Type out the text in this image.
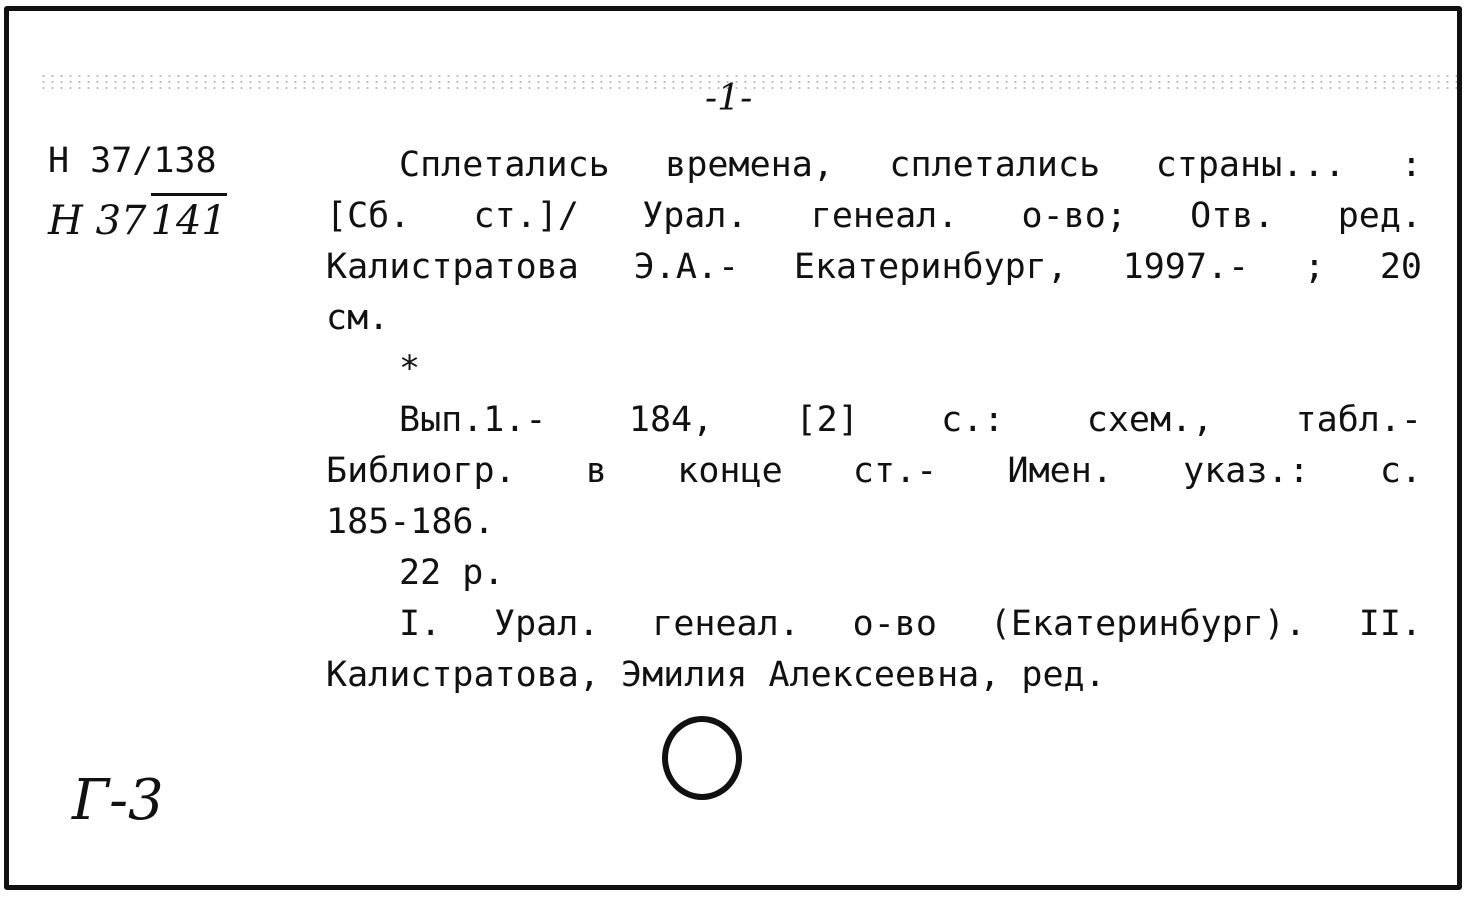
-1-
Н 37/138
Н 37 141
Сплетались времена, сплетались страны... :
[Сб. ст.]/ Урал. генеал. о-во; Отв. ред.
Калистратова Э.А.- Екатеринбург, 1997.- ; 20
см.
*
Вып.1.- 184, [2] с.: схем., табл.-
Библиогр. в конце ст.- Имен. указ.: с.
185-186.
22 р.
I. Урал. генеал. о-во (Екатеринбург). II.
Калистратова, Эмилия Алексеевна, ред.
Г-3
